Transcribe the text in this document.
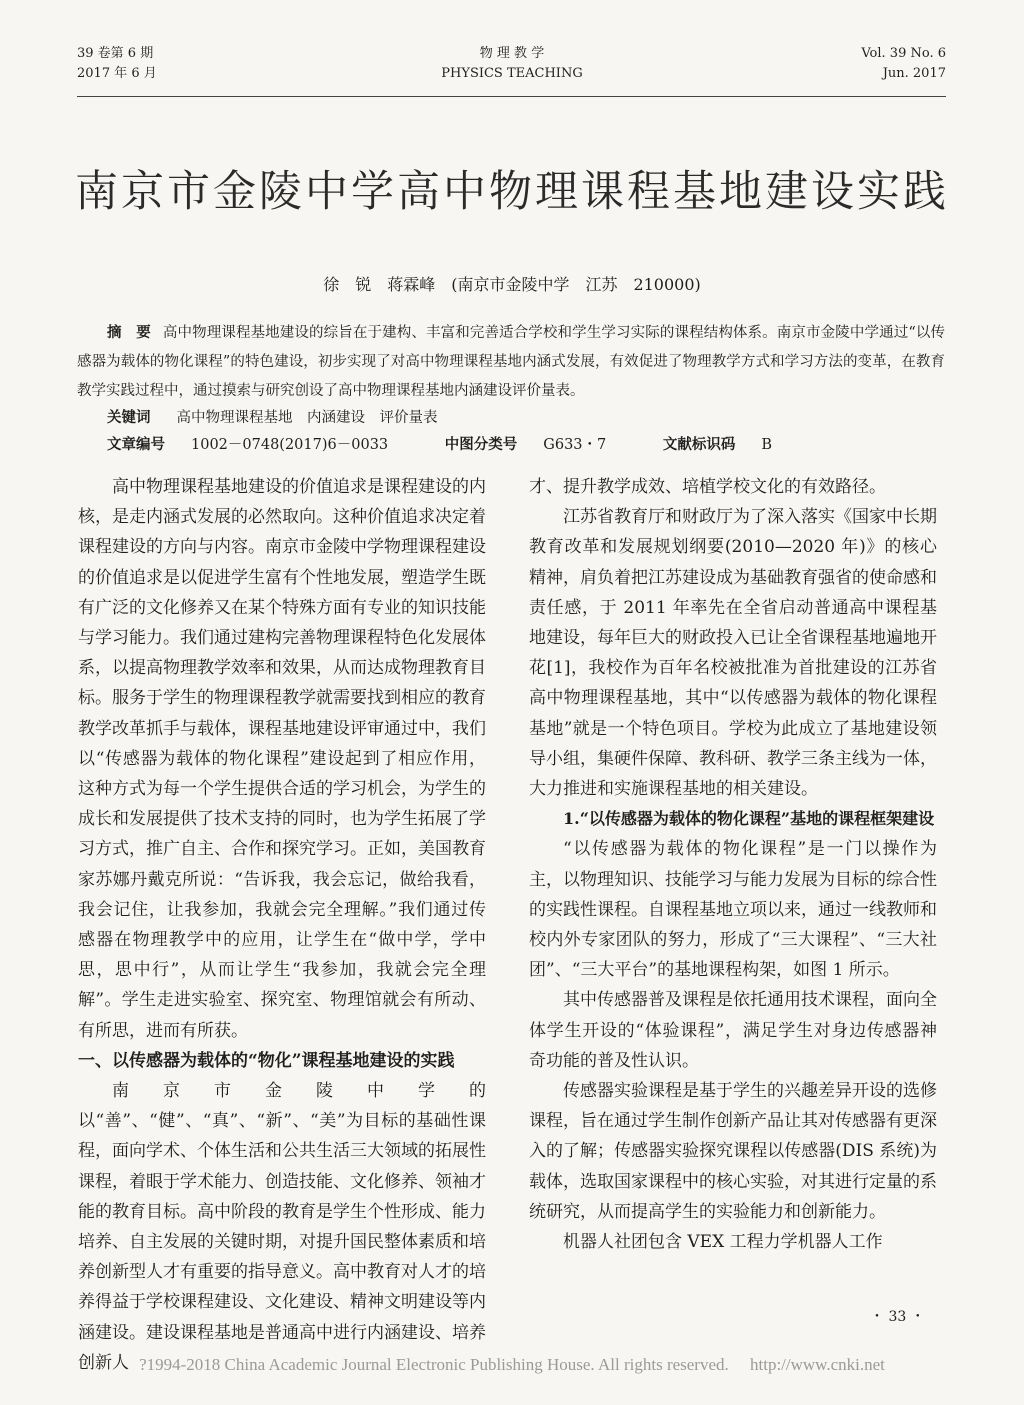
39 卷第 6 期
2017 年 6 月
物 理 教 学
PHYSICS TEACHING
Vol. 39 No. 6
Jun. 2017
南京市金陵中学高中物理课程基地建设实践
徐　锐　蒋霖峰　(南京市金陵中学　江苏　210000)
摘　要 高中物理课程基地建设的综旨在于建构、丰富和完善适合学校和学生学习实际的课程结构体系。南京市金陵中学通过“以传感器为载体的物化课程”的特色建设，初步实现了对高中物理课程基地内涵式发展，有效促进了物理教学方式和学习方法的变革，在教育教学实践过程中，通过摸索与研究创设了高中物理课程基地内涵建设评价量表。
关键词 高中物理课程基地　内涵建设　评价量表
文章编号 1002－0748(2017)6－0033	中图分类号 G633・7	文献标识码 B

高中物理课程基地建设的价值追求是课程建设的内核，是走内涵式发展的必然取向。这种价值追求决定着课程建设的方向与内容。南京市金陵中学物理课程建设的价值追求是以促进学生富有个性地发展，塑造学生既有广泛的文化修养又在某个特殊方面有专业的知识技能与学习能力。我们通过建构完善物理课程特色化发展体系，以提高物理教学效率和效果，从而达成物理教育目标。服务于学生的物理课程教学就需要找到相应的教育教学改革抓手与载体，课程基地建设评审通过中，我们以“传感器为载体的物化课程”建设起到了相应作用，这种方式为每一个学生提供合适的学习机会，为学生的成长和发展提供了技术支持的同时，也为学生拓展了学习方式，推广自主、合作和探究学习。正如，美国教育家苏娜丹戴克所说：“告诉我，我会忘记，做给我看，我会记住，让我参加，我就会完全理解。”我们通过传感器在物理教学中的应用，让学生在“做中学，学中思，思中行”，从而让学生“我参加，我就会完全理解”。学生走进实验室、探究室、物理馆就会有所动、有所思，进而有所获。

一、以传感器为载体的“物化”课程基地建设的实践

南京市金陵中学的以“善”、“健”、“真”、“新”、“美”为目标的基础性课程，面向学术、个体生活和公共生活三大领域的拓展性课程，着眼于学术能力、创造技能、文化修养、领袖才能的教育目标。高中阶段的教育是学生个性形成、能力培养、自主发展的关键时期，对提升国民整体素质和培养创新型人才有重要的指导意义。高中教育对人才的培养得益于学校课程建设、文化建设、精神文明建设等内涵建设。建设课程基地是普通高中进行内涵建设、培养创新人

才、提升教学成效、培植学校文化的有效路径。

江苏省教育厅和财政厅为了深入落实《国家中长期教育改革和发展规划纲要(2010—2020 年)》的核心精神，肩负着把江苏建设成为基础教育强省的使命感和责任感，于 2011 年率先在全省启动普通高中课程基地建设，每年巨大的财政投入已让全省课程基地遍地开花[1]，我校作为百年名校被批准为首批建设的江苏省高中物理课程基地，其中“以传感器为载体的物化课程基地”就是一个特色项目。学校为此成立了基地建设领导小组，集硬件保障、教科研、教学三条主线为一体，大力推进和实施课程基地的相关建设。

1.“以传感器为载体的物化课程”基地的课程框架建设

“以传感器为载体的物化课程”是一门以操作为主，以物理知识、技能学习与能力发展为目标的综合性的实践性课程。自课程基地立项以来，通过一线教师和校内外专家团队的努力，形成了“三大课程”、“三大社团”、“三大平台”的基地课程构架，如图 1 所示。

其中传感器普及课程是依托通用技术课程，面向全体学生开设的“体验课程”，满足学生对身边传感器神奇功能的普及性认识。

传感器实验课程是基于学生的兴趣差异开设的选修课程，旨在通过学生制作创新产品让其对传感器有更深入的了解；传感器实验探究课程以传感器(DIS 系统)为载体，选取国家课程中的核心实验，对其进行定量的系统研究，从而提高学生的实验能力和创新能力。

机器人社团包含 VEX 工程力学机器人工作

・ 33 ・
?1994-2018 China Academic Journal Electronic Publishing House. All rights reserved.　 http://www.cnki.net
